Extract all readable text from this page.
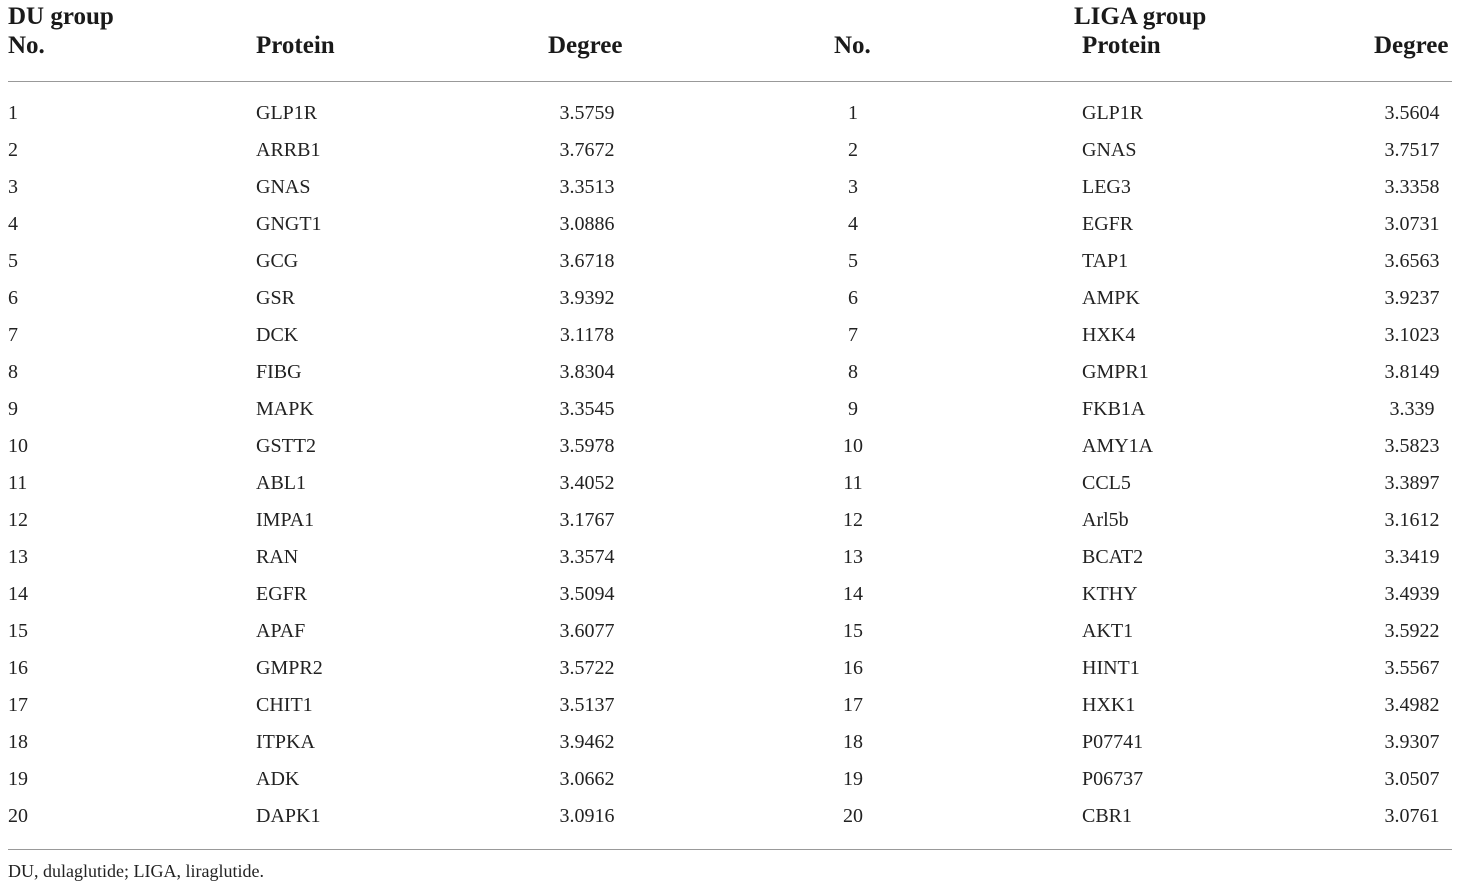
DU group	LIGA group
No.	Protein	Degree	No.	Protein	Degree
1	GLP1R	3.5759	1	GLP1R	3.5604
2	ARRB1	3.7672	2	GNAS	3.7517
3	GNAS	3.3513	3	LEG3	3.3358
4	GNGT1	3.0886	4	EGFR	3.0731
5	GCG	3.6718	5	TAP1	3.6563
6	GSR	3.9392	6	AMPK	3.9237
7	DCK	3.1178	7	HXK4	3.1023
8	FIBG	3.8304	8	GMPR1	3.8149
9	MAPK	3.3545	9	FKB1A	3.339
10	GSTT2	3.5978	10	AMY1A	3.5823
11	ABL1	3.4052	11	CCL5	3.3897
12	IMPA1	3.1767	12	Arl5b	3.1612
13	RAN	3.3574	13	BCAT2	3.3419
14	EGFR	3.5094	14	KTHY	3.4939
15	APAF	3.6077	15	AKT1	3.5922
16	GMPR2	3.5722	16	HINT1	3.5567
17	CHIT1	3.5137	17	HXK1	3.4982
18	ITPKA	3.9462	18	P07741	3.9307
19	ADK	3.0662	19	P06737	3.0507
20	DAPK1	3.0916	20	CBR1	3.0761
DU, dulaglutide; LIGA, liraglutide.
